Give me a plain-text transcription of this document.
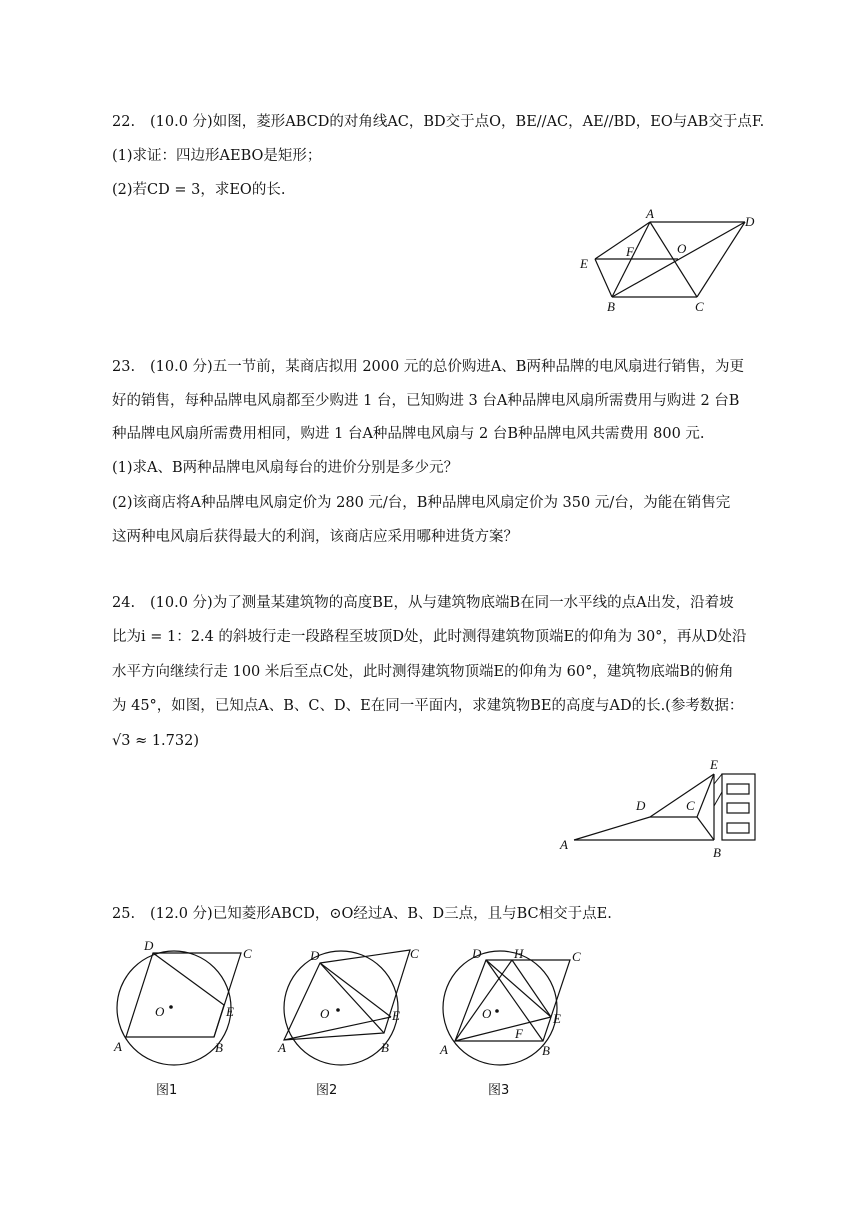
22. (10.0 分)如图，菱形ABCD的对角线AC，BD交于点O，BE//AC，AE//BD，EO与AB交于点F.
(1)求证：四边形AEBO是矩形；
(2)若CD = 3，求EO的长.
A
D
E
F	O
B	C
23. (10.0 分)五一节前，某商店拟用 2000 元的总价购进A、B两种品牌的电风扇进行销售，为更
好的销售，每种品牌电风扇都至少购进 1 台，已知购进 3 台A种品牌电风扇所需费用与购进 2 台B
种品牌电风扇所需费用相同，购进 1 台A种品牌电风扇与 2 台B种品牌电风共需费用 800 元.
(1)求A、B两种品牌电风扇每台的进价分别是多少元？
(2)该商店将A种品牌电风扇定价为 280 元/台，B种品牌电风扇定价为 350 元/台，为能在销售完
这两种电风扇后获得最大的利润，该商店应采用哪种进货方案？
24. (10.0 分)为了测量某建筑物的高度BE，从与建筑物底端B在同一水平线的点A出发，沿着坡
比为i = 1：2.4 的斜坡行走一段路程至坡顶D处，此时测得建筑物顶端E的仰角为 30°，再从D处沿
水平方向继续行走 100 米后至点C处，此时测得建筑物顶端E的仰角为 60°，建筑物底端B的俯角
为 45°，如图，已知点A、B、C、D、E在同一平面内，求建筑物BE的高度与AD的长.(参考数据：
√3 ≈ 1.732)
E
D	C
A
B
25. (12.0 分)已知菱形ABCD，⊙O经过A、B、D三点，且与BC相交于点E.
D
C
O	E
A	B
图1
D	C
O	E
A	B
图2
D	H	C
O	E
F
A	B
图3
